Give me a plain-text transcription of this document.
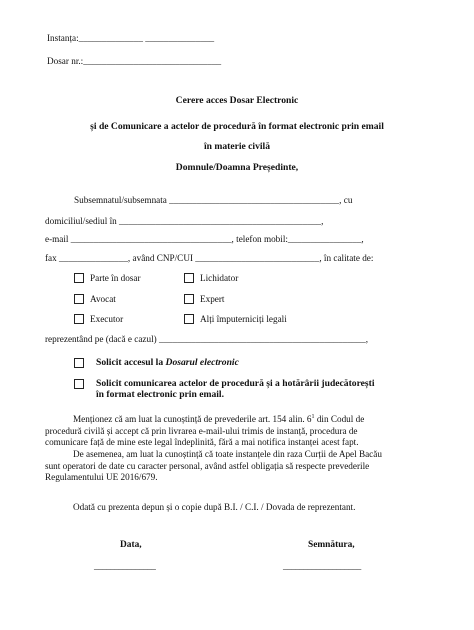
Instanța:______________ _______________
Dosar nr.:______________________________
Cerere acces Dosar Electronic
și de Comunicare a actelor de procedură în format electronic prin email
în materie civilă
Domnule/Doamna Președinte,
Subsemnatul/subsemnata _____________________________________, cu
domiciliul/sediul în ____________________________________________,
e-mail ___________________________________, telefon mobil:________________,
fax _______________, având CNP/CUI ___________________________, în calitate de:
Parte în dosar	Lichidator
Avocat	Expert
Executor	Alți împuterniciți legali
reprezentând pe (dacă e cazul) _____________________________________________,
Solicit accesul la Dosarul electronic
Solicit comunicarea actelor de procedură și a hotărârii judecătorești
în format electronic prin email.
Menționez că am luat la cunoștință de prevederile art. 154 alin. $6^1$ din Codul de
procedură civilă și accept că prin livrarea e-mail-ului trimis de instanță, procedura de
comunicare față de mine este legal îndeplinită, fără a mai notifica instanței acest fapt.
De asemenea, am luat la cunoștință că toate instanțele din raza Curții de Apel Bacău
sunt operatori de date cu caracter personal, având astfel obligația să respecte prevederile
Regulamentului UE 2016/679.
Odată cu prezenta depun și o copie după B.I. / C.I. / Dovada de reprezentant.
Data,	Semnătura,
_______________	___________________
